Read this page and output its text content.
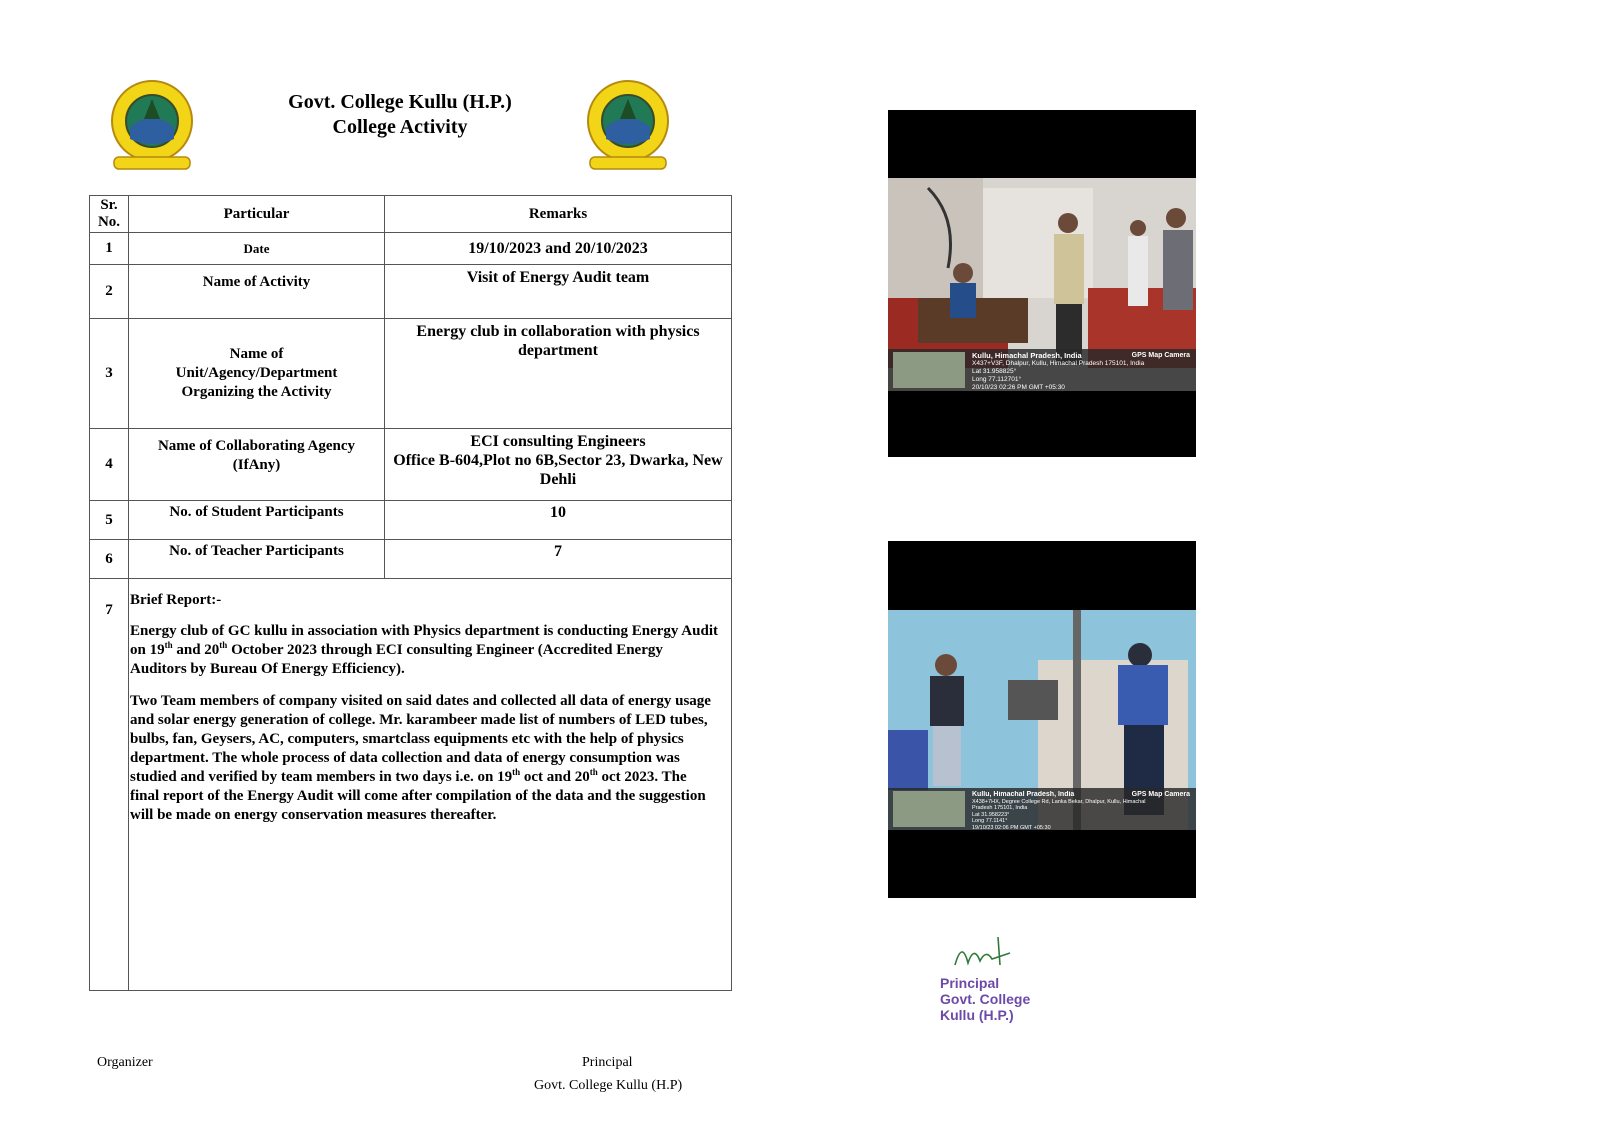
Govt. College Kullu (H.P.)
College Activity
Sr. No.	Particular	Remarks
1	Date	19/10/2023 and 20/10/2023
2	Name of Activity	Visit of Energy Audit team
3	Name of Unit/Agency/Department Organizing the Activity	Energy club in collaboration with physics department
4	Name of Collaborating Agency (IfAny)	ECI consulting Engineers
Office B-604,Plot no 6B,Sector 23, Dwarka, New Dehli

5	No. of Student Participants	10
6	No. of Teacher Participants	7
7	Brief Report:-

Energy club of GC kullu in association with Physics department is conducting Energy Audit on 19th and 20th October 2023 through ECI consulting Engineer (Accredited Energy Auditors by Bureau Of Energy Efficiency).

Two Team members of company visited on said dates and collected all data of energy usage and solar energy generation of college. Mr. karambeer made list of numbers of LED tubes, bulbs, fan, Geysers, AC, computers, smartclass equipments etc with the help of physics department. The whole process of data collection and data of energy consumption was studied and verified by team members in two days i.e. on 19th oct and 20th oct 2023. The final report of the Energy Audit will come after compilation of the data and the suggestion will be made on energy conservation measures thereafter.	

GPS Map Camera
Kullu, Himachal Pradesh, India
X437+V3F, Dhalpur, Kullu, Himachal Pradesh 175101, India
Lat 31.958825°
Long 77.112701°
20/10/23 02:26 PM GMT +05:30
GPS Map Camera
Kullu, Himachal Pradesh, India
X438+7HX, Degree College Rd, Lanka Bekar, Dhalpur, Kullu, Himachal
Pradesh 175101, India
Lat 31.958223°
Long 77.1141°
19/10/23 02:06 PM GMT +05:30
Principal
Govt. College
Kullu (H.P.)
Organizer	Principal
Govt. College Kullu (H.P)
